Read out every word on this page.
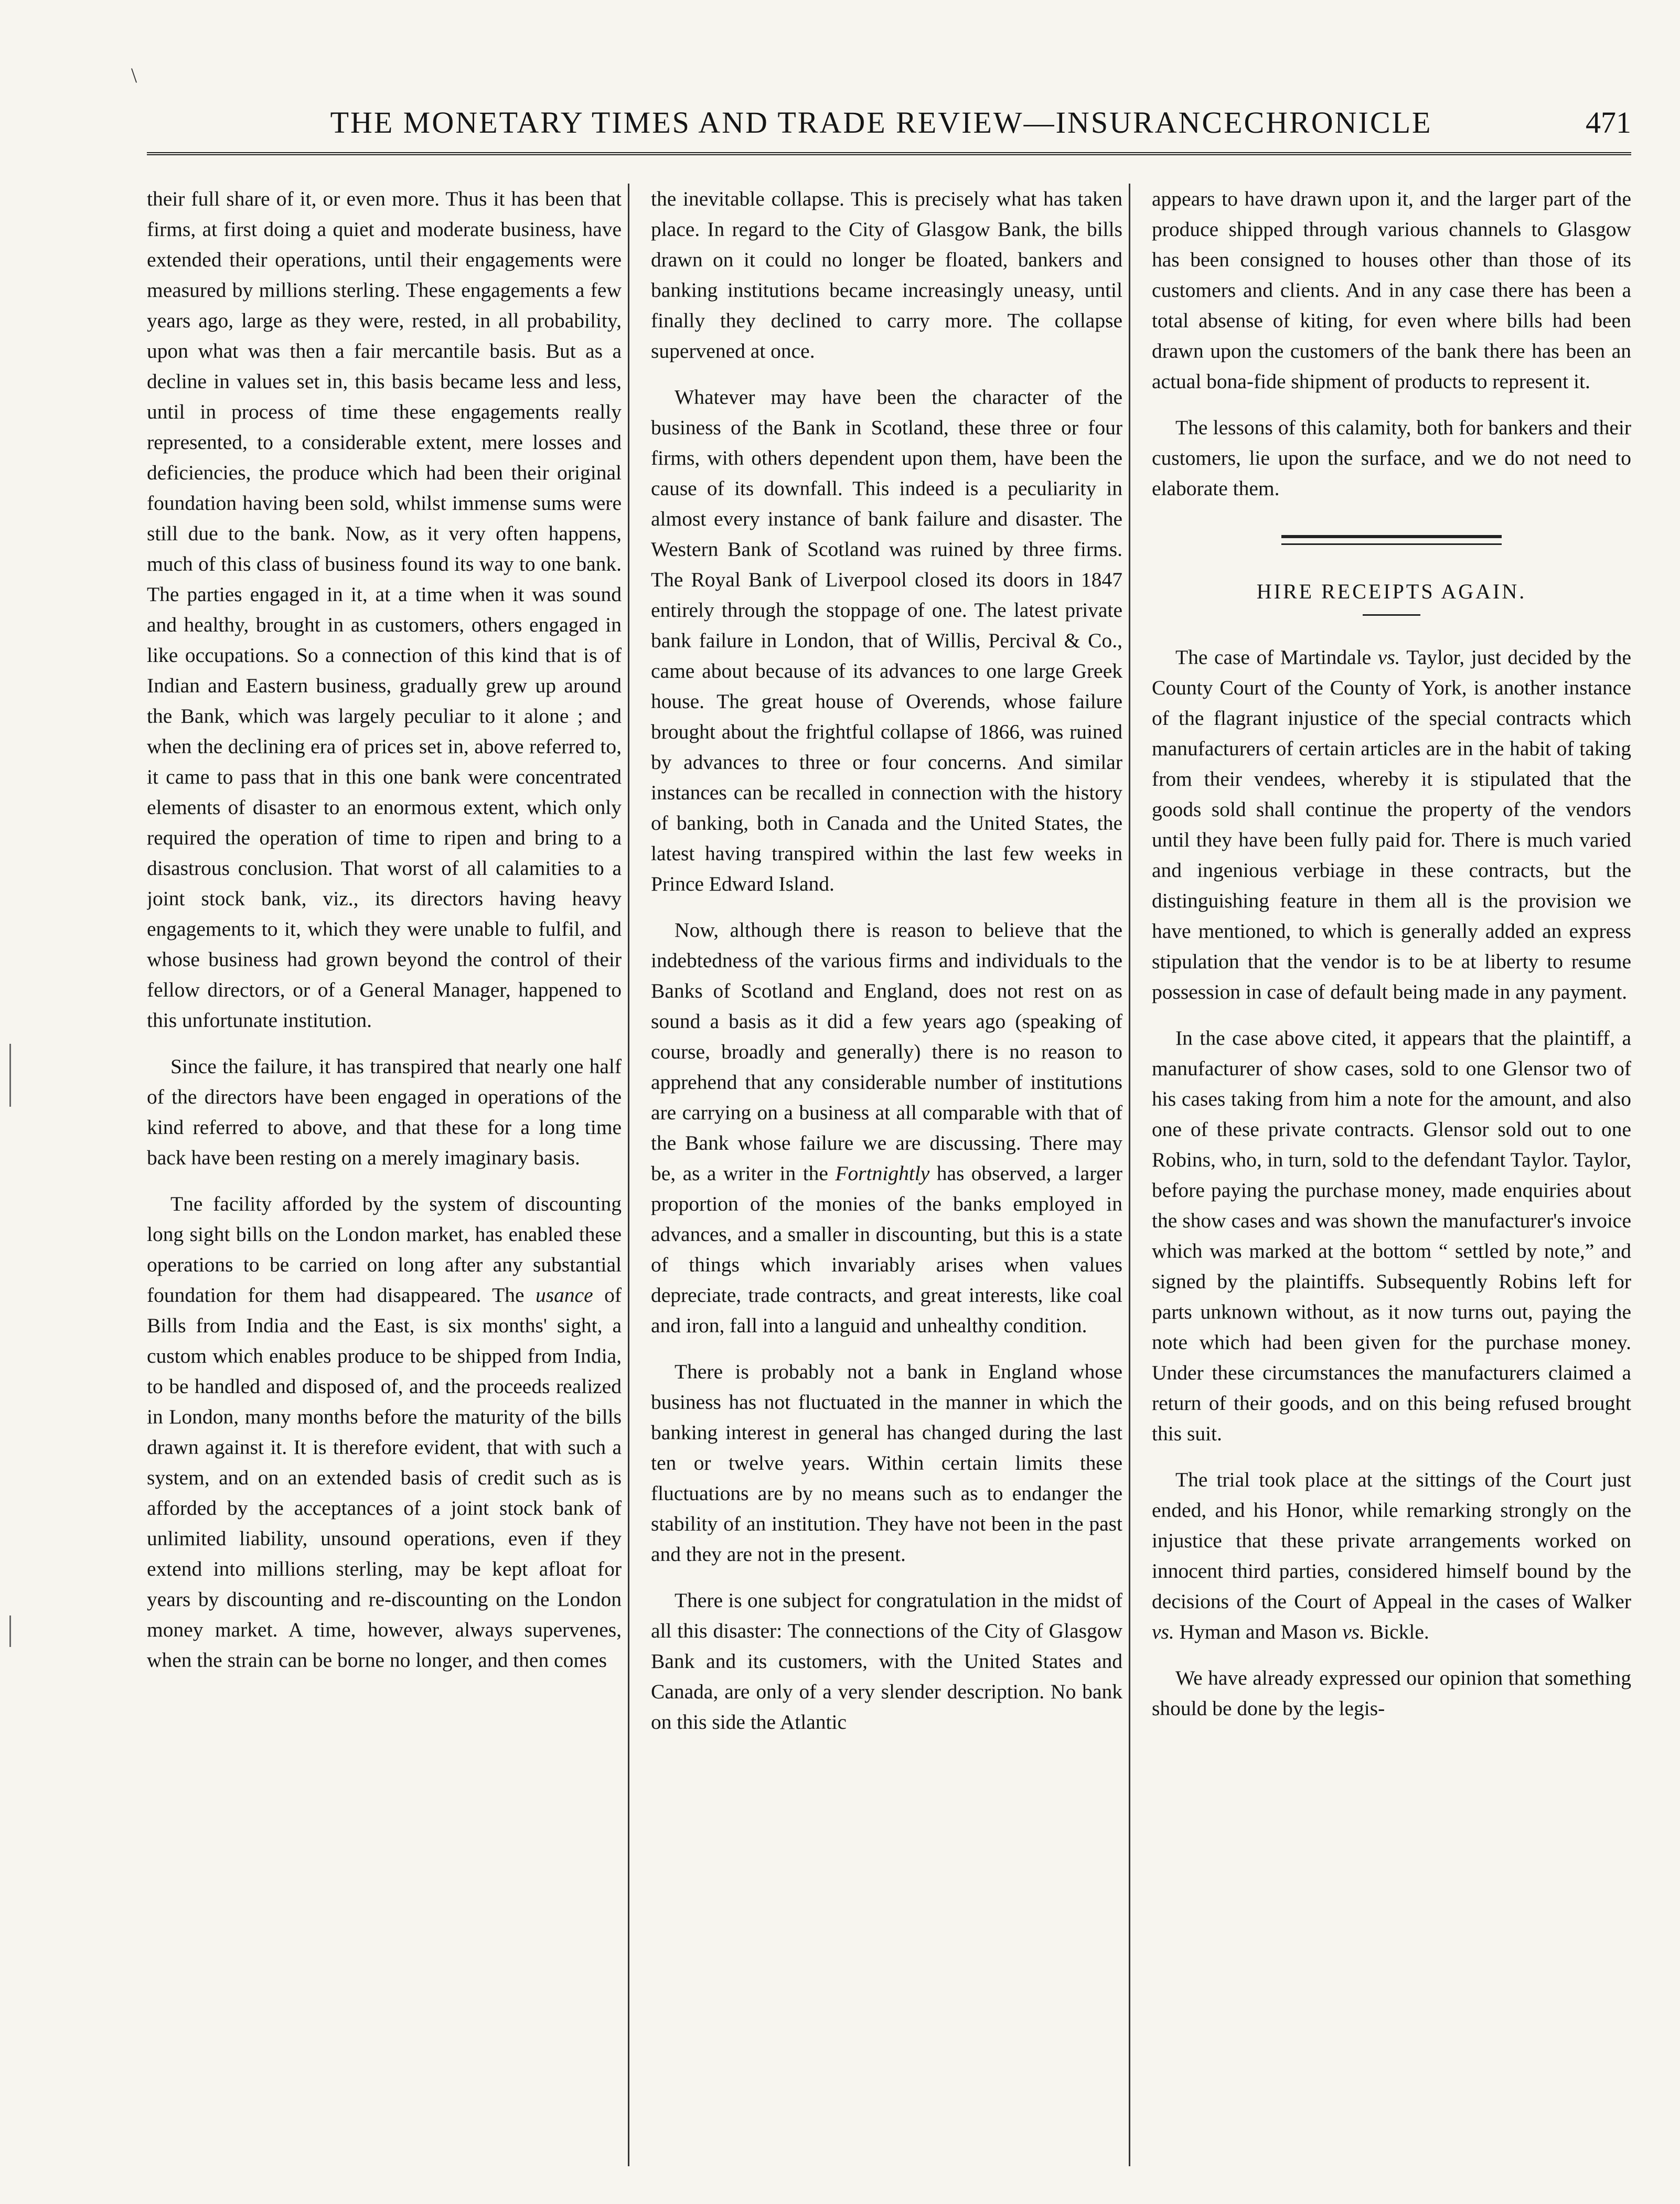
\
THE MONETARY TIMES AND TRADE REVIEW—INSURANCECHRONICLE	471

their full share of it, or even more. Thus it has been that firms, at first doing a quiet and moderate business, have extended their operations, until their engagements were measured by millions sterling. These engagements a few years ago, large as they were, rested, in all probability, upon what was then a fair mercantile basis. But as a decline in values set in, this basis became less and less, until in process of time these engagements really represented, to a considerable extent, mere losses and deficiencies, the produce which had been their original foundation having been sold, whilst immense sums were still due to the bank. Now, as it very often happens, much of this class of business found its way to one bank. The parties engaged in it, at a time when it was sound and healthy, brought in as customers, others engaged in like occupations. So a connection of this kind that is of Indian and Eastern business, gradually grew up around the Bank, which was largely peculiar to it alone ; and when the declining era of prices set in, above referred to, it came to pass that in this one bank were concentrated elements of disaster to an enormous extent, which only required the operation of time to ripen and bring to a disastrous conclusion. That worst of all calamities to a joint stock bank, viz., its directors having heavy engagements to it, which they were unable to fulfil, and whose business had grown beyond the control of their fellow directors, or of a General Manager, happened to this unfortunate institution.

Since the failure, it has transpired that nearly one half of the directors have been engaged in operations of the kind referred to above, and that these for a long time back have been resting on a merely imaginary basis.

Tne facility afforded by the system of discounting long sight bills on the London market, has enabled these operations to be carried on long after any substantial foundation for them had disappeared. The usance of Bills from India and the East, is six months' sight, a custom which enables produce to be shipped from India, to be handled and disposed of, and the proceeds realized in London, many months before the maturity of the bills drawn against it. It is therefore evident, that with such a system, and on an extended basis of credit such as is afforded by the acceptances of a joint stock bank of unlimited liability, unsound operations, even if they extend into millions sterling, may be kept afloat for years by discounting and re-discounting on the London money market. A time, however, always supervenes, when the strain can be borne no longer, and then comes

the inevitable collapse. This is precisely what has taken place. In regard to the City of Glasgow Bank, the bills drawn on it could no longer be floated, bankers and banking institutions became increasingly uneasy, until finally they declined to carry more. The collapse supervened at once.

Whatever may have been the character of the business of the Bank in Scotland, these three or four firms, with others dependent upon them, have been the cause of its downfall. This indeed is a peculiarity in almost every instance of bank failure and disaster. The Western Bank of Scotland was ruined by three firms. The Royal Bank of Liverpool closed its doors in 1847 entirely through the stoppage of one. The latest private bank failure in London, that of Willis, Percival & Co., came about because of its advances to one large Greek house. The great house of Overends, whose failure brought about the frightful collapse of 1866, was ruined by advances to three or four concerns. And similar instances can be recalled in connection with the history of banking, both in Canada and the United States, the latest having transpired within the last few weeks in Prince Edward Island.

Now, although there is reason to believe that the indebtedness of the various firms and individuals to the Banks of Scotland and England, does not rest on as sound a basis as it did a few years ago (speaking of course, broadly and generally) there is no reason to apprehend that any considerable number of institutions are carrying on a business at all comparable with that of the Bank whose failure we are discussing. There may be, as a writer in the Fortnightly has observed, a larger proportion of the monies of the banks employed in advances, and a smaller in discounting, but this is a state of things which invariably arises when values depreciate, trade contracts, and great interests, like coal and iron, fall into a languid and unhealthy condition.

There is probably not a bank in England whose business has not fluctuated in the manner in which the banking interest in general has changed during the last ten or twelve years. Within certain limits these fluctuations are by no means such as to endanger the stability of an institution. They have not been in the past and they are not in the present.

There is one subject for congratulation in the midst of all this disaster: The connections of the City of Glasgow Bank and its customers, with the United States and Canada, are only of a very slender description. No bank on this side the Atlantic

appears to have drawn upon it, and the larger part of the produce shipped through various channels to Glasgow has been consigned to houses other than those of its customers and clients. And in any case there has been a total absense of kiting, for even where bills had been drawn upon the customers of the bank there has been an actual bona-fide shipment of products to represent it.

The lessons of this calamity, both for bankers and their customers, lie upon the surface, and we do not need to elaborate them.

HIRE RECEIPTS AGAIN.

The case of Martindale vs. Taylor, just decided by the County Court of the County of York, is another instance of the flagrant injustice of the special contracts which manufacturers of certain articles are in the habit of taking from their vendees, whereby it is stipulated that the goods sold shall continue the property of the vendors until they have been fully paid for. There is much varied and ingenious verbiage in these contracts, but the distinguishing feature in them all is the provision we have mentioned, to which is generally added an express stipulation that the vendor is to be at liberty to resume possession in case of default being made in any payment.

In the case above cited, it appears that the plaintiff, a manufacturer of show cases, sold to one Glensor two of his cases taking from him a note for the amount, and also one of these private contracts. Glensor sold out to one Robins, who, in turn, sold to the defendant Taylor. Taylor, before paying the purchase money, made enquiries about the show cases and was shown the manufacturer's invoice which was marked at the bottom “ settled by note,” and signed by the plaintiffs. Subsequently Robins left for parts unknown without, as it now turns out, paying the note which had been given for the purchase money. Under these circumstances the manufacturers claimed a return of their goods, and on this being refused brought this suit.

The trial took place at the sittings of the Court just ended, and his Honor, while remarking strongly on the injustice that these private arrangements worked on innocent third parties, considered himself bound by the decisions of the Court of Appeal in the cases of Walker vs. Hyman and Mason vs. Bickle.

We have already expressed our opinion that something should be done by the legis-
